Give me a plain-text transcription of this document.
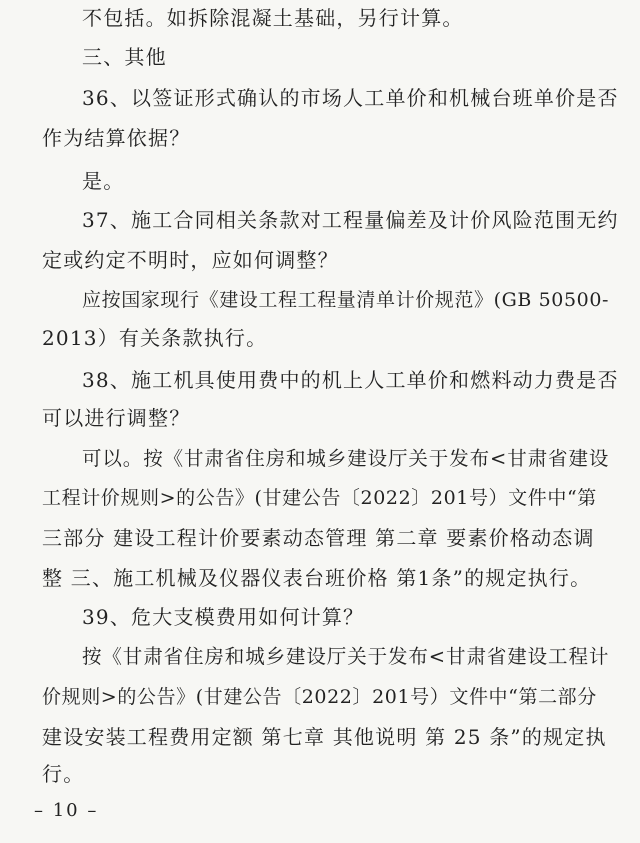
不包括。如拆除混凝土基础，另行计算。
三、其他
36、以签证形式确认的市场人工单价和机械台班单价是否
作为结算依据？
是。
37、施工合同相关条款对工程量偏差及计价风险范围无约
定或约定不明时，应如何调整？
应按国家现行《建设工程工程量清单计价规范》(GB 50500-
2013）有关条款执行。
38、施工机具使用费中的机上人工单价和燃料动力费是否
可以进行调整？
可以。按《甘肃省住房和城乡建设厅关于发布<甘肃省建设
工程计价规则>的公告》(甘建公告〔2022〕201号）文件中“第
三部分 建设工程计价要素动态管理 第二章 要素价格动态调
整 三、施工机械及仪器仪表台班价格 第1条”的规定执行。
39、危大支模费用如何计算？
按《甘肃省住房和城乡建设厅关于发布<甘肃省建设工程计
价规则>的公告》(甘建公告〔2022〕201号）文件中“第二部分
建设安装工程费用定额 第七章 其他说明 第 25 条”的规定执
行。
– 10 –
